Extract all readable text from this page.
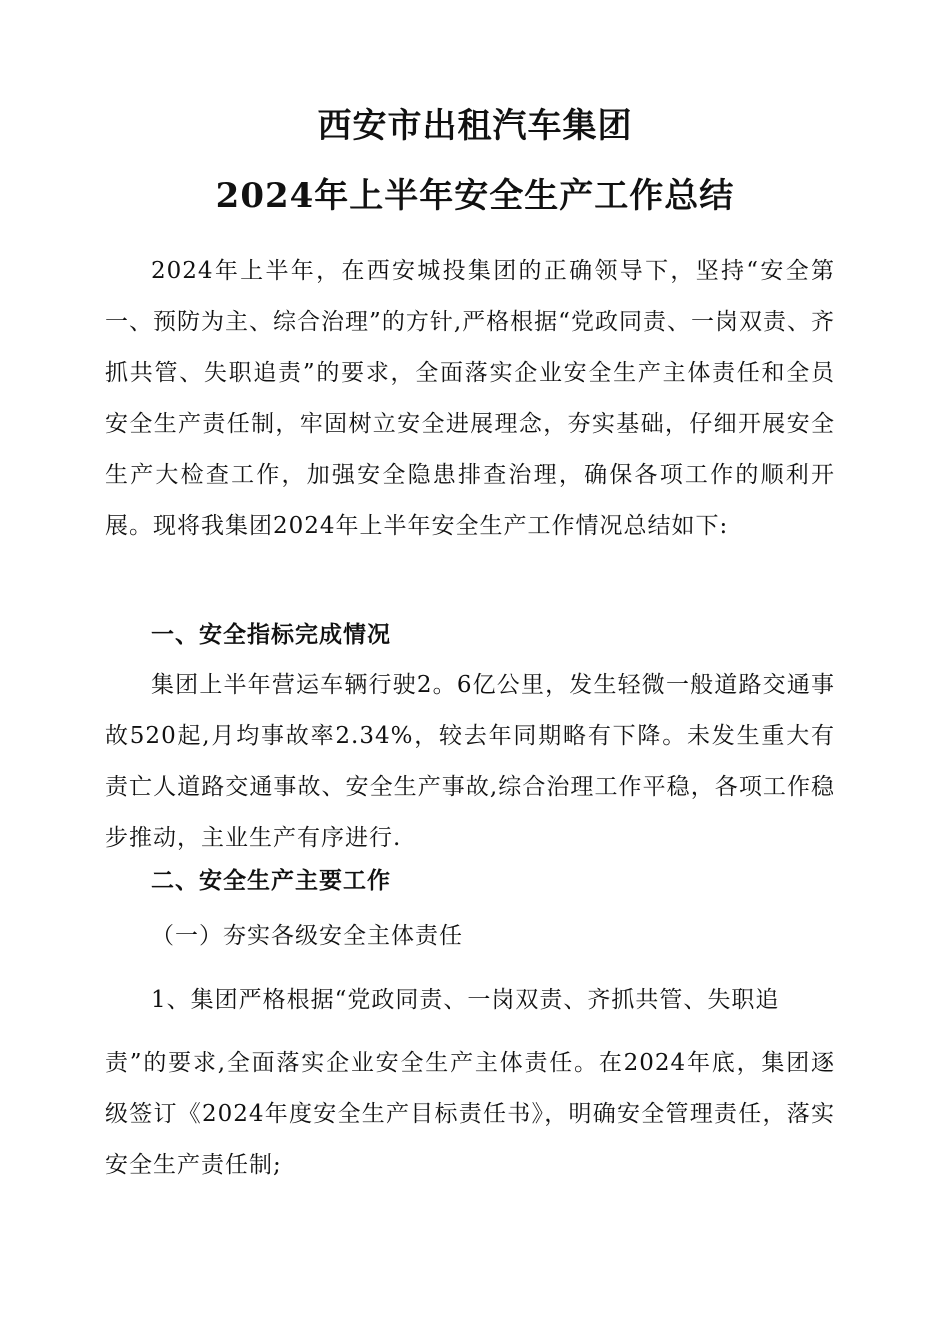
西安市出租汽车集团
2024年上半年安全生产工作总结

2024年上半年，在西安城投集团的正确领导下，坚持“安全第一、预防为主、综合治理”的方针,严格根据“党政同责、一岗双责、齐抓共管、失职追责”的要求，全面落实企业安全生产主体责任和全员安全生产责任制，牢固树立安全进展理念，夯实基础，仔细开展安全生产大检查工作，加强安全隐患排查治理，确保各项工作的顺利开展。现将我集团2024年上半年安全生产工作情况总结如下:

一、安全指标完成情况

集团上半年营运车辆行驶2。6亿公里，发生轻微一般道路交通事故520起,月均事故率2.34%，较去年同期略有下降。未发生重大有责亡人道路交通事故、安全生产事故,综合治理工作平稳，各项工作稳步推动，主业生产有序进行.

二、安全生产主要工作
（一）夯实各级安全主体责任
1、集团严格根据“党政同责、一岗双责、齐抓共管、失职追

责”的要求,全面落实企业安全生产主体责任。在2024年底，集团逐级签订《2024年度安全生产目标责任书》，明确安全管理责任，落实安全生产责任制;
